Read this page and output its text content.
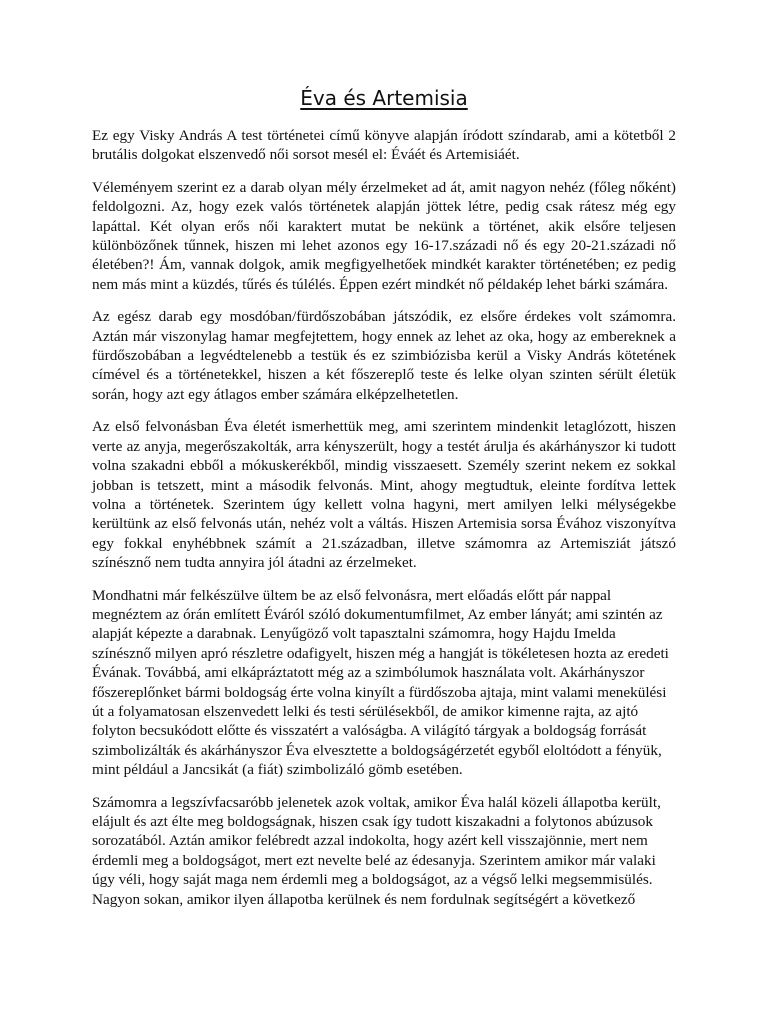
Éva és Artemisia

Ez egy Visky András A test történetei című könyve alapján íródott színdarab, ami a kötetből 2 brutális dolgokat elszenvedő női sorsot mesél el: Éváét és Artemisiáét.

Véleményem szerint ez a darab olyan mély érzelmeket ad át, amit nagyon nehéz (főleg nőként) feldolgozni. Az, hogy ezek valós történetek alapján jöttek létre, pedig csak rátesz még egy lapáttal. Két olyan erős női karaktert mutat be nekünk a történet, akik elsőre teljesen különbözőnek tűnnek, hiszen mi lehet azonos egy 16-17.századi nő és egy 20-21.századi nő életében?! Ám, vannak dolgok, amik megfigyelhetőek mindkét karakter történetében; ez pedig nem más mint a küzdés, tűrés és túlélés. Éppen ezért mindkét nő példakép lehet bárki számára.

Az egész darab egy mosdóban/fürdőszobában játszódik, ez elsőre érdekes volt számomra. Aztán már viszonylag hamar megfejtettem, hogy ennek az lehet az oka, hogy az embereknek a fürdőszobában a legvédtelenebb a testük és ez szimbiózisba kerül a Visky András kötetének címével és a történetekkel, hiszen a két főszereplő teste és lelke olyan szinten sérült életük során, hogy azt egy átlagos ember számára elképzelhetetlen.

Az első felvonásban Éva életét ismerhettük meg, ami szerintem mindenkit letaglózott, hiszen verte az anyja, megerőszakolták, arra kényszerült, hogy a testét árulja és akárhányszor ki tudott volna szakadni ebből a mókuskerékből, mindig visszaesett. Személy szerint nekem ez sokkal jobban is tetszett, mint a második felvonás. Mint, ahogy megtudtuk, eleinte fordítva lettek volna a történetek. Szerintem úgy kellett volna hagyni, mert amilyen lelki mélységekbe kerültünk az első felvonás után, nehéz volt a váltás. Hiszen Artemisia sorsa Évához viszonyítva egy fokkal enyhébbnek számít a 21.században, illetve számomra az Artemisziát játszó színésznő nem tudta annyira jól átadni az érzelmeket.

Mondhatni már felkészülve ültem be az első felvonásra, mert előadás előtt pár nappal megnéztem az órán említett Éváról szóló dokumentumfilmet, Az ember lányát; ami szintén az alapját képezte a darabnak. Lenyűgöző volt tapasztalni számomra, hogy Hajdu Imelda színésznő milyen apró részletre odafigyelt, hiszen még a hangját is tökéletesen hozta az eredeti Évának. Továbbá, ami elkápráztatott még az a szimbólumok használata volt. Akárhányszor főszereplőnket bármi boldogság érte volna kinyílt a fürdőszoba ajtaja, mint valami menekülési út a folyamatosan elszenvedett lelki és testi sérülésekből, de amikor kimenne rajta, az ajtó folyton becsukódott előtte és visszatért a valóságba. A világító tárgyak a boldogság forrását szimbolizálták és akárhányszor Éva elvesztette a boldogságérzetét egyből eloltódott a fényük, mint például a Jancsikát (a fiát) szimbolizáló gömb esetében.

Számomra a legszívfacsaróbb jelenetek azok voltak, amikor Éva halál közeli állapotba került, elájult és azt élte meg boldogságnak, hiszen csak így tudott kiszakadni a folytonos abúzusok sorozatából. Aztán amikor felébredt azzal indokolta, hogy azért kell visszajönnie, mert nem érdemli meg a boldogságot, mert ezt nevelte belé az édesanyja. Szerintem amikor már valaki úgy véli, hogy saját maga nem érdemli meg a boldogságot, az a végső lelki megsemmisülés. Nagyon sokan, amikor ilyen állapotba kerülnek és nem fordulnak segítségért a következő
